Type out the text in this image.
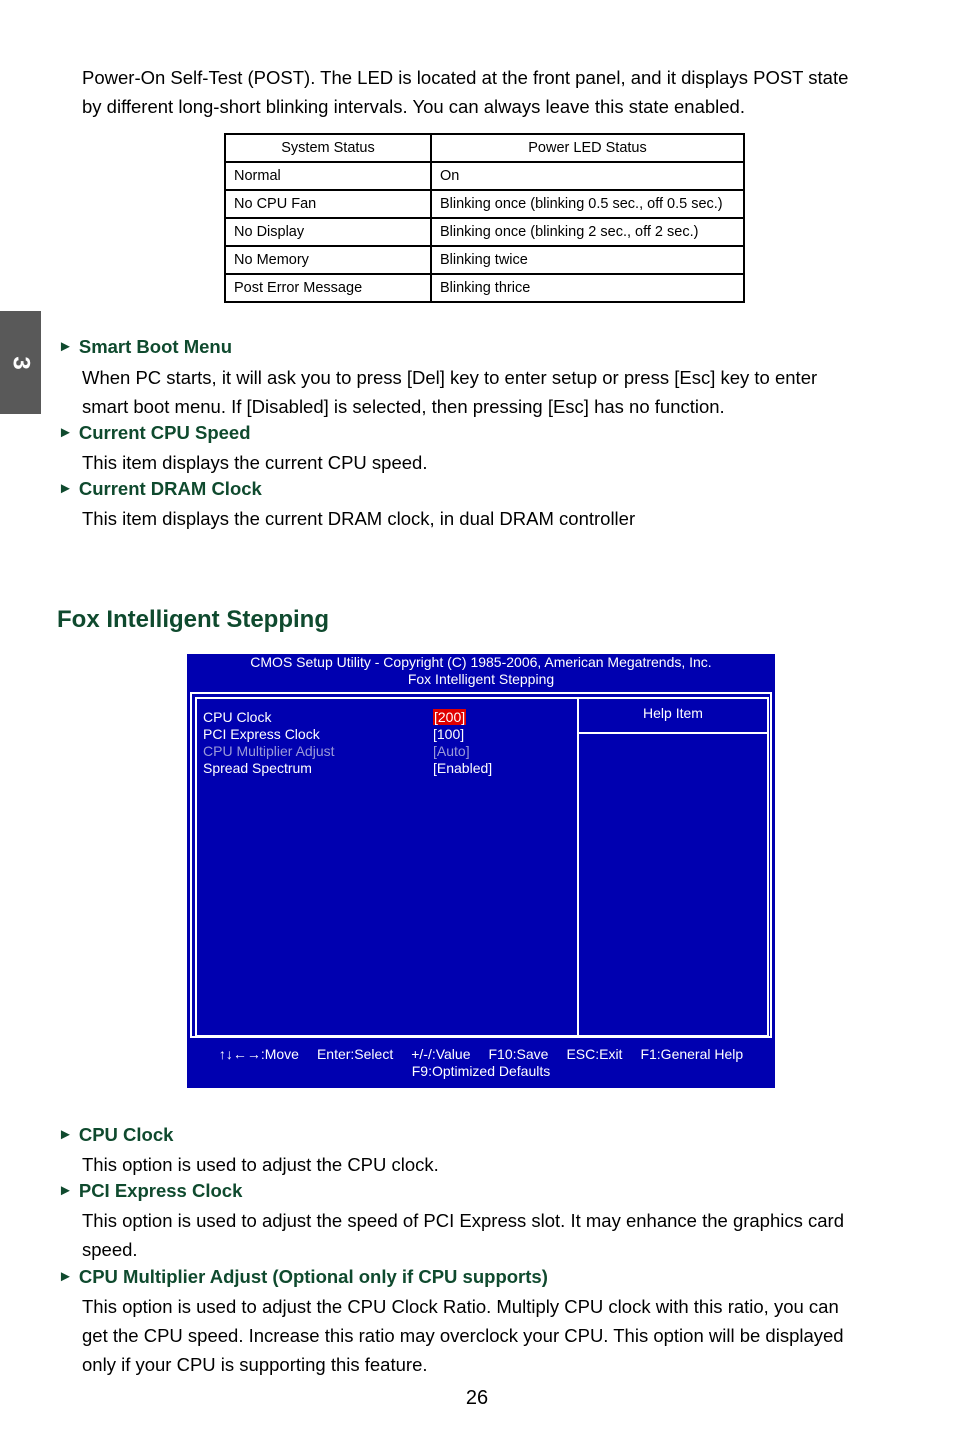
Power-On Self-Test (POST). The LED is located at the front panel, and it displays POST state
by different long-short blinking intervals. You can always leave this state enabled.
System Status	Power LED Status
Normal	On
No CPU Fan	Blinking once (blinking 0.5 sec., off 0.5 sec.)
No Display	Blinking once (blinking 2 sec., off 2 sec.)
No Memory	Blinking twice
Post Error Message	Blinking thrice
3
► Smart Boot Menu
When PC starts, it will ask you to press [Del] key to enter setup or press [Esc] key to enter
smart boot menu. If [Disabled] is selected, then pressing [Esc] has no function.
► Current CPU Speed
This item displays the current CPU speed.
► Current DRAM Clock
This item displays the current DRAM clock, in dual DRAM controller
Fox Intelligent Stepping
CMOS Setup Utility - Copyright (C) 1985-2006, American Megatrends, Inc.
Fox Intelligent Stepping
Help Item
CPU Clock	[200]
PCI Express Clock	[100]
CPU Multiplier Adjust	[Auto]
Spread Spectrum	[Enabled]
↑↓←→:Move Enter:Select +/-/:Value F10:Save ESC:Exit F1:General Help
F9:Optimized Defaults
► CPU Clock
This option is used to adjust the CPU clock.
► PCI Express Clock
This option is used to adjust the speed of PCI Express slot. It may enhance the graphics card
speed.
► CPU Multiplier Adjust (Optional only if CPU supports)
This option is used to adjust the CPU Clock Ratio. Multiply CPU clock with this ratio, you can
get the CPU speed. Increase this ratio may overclock your CPU. This option will be displayed
only if your CPU is supporting this feature.
26
